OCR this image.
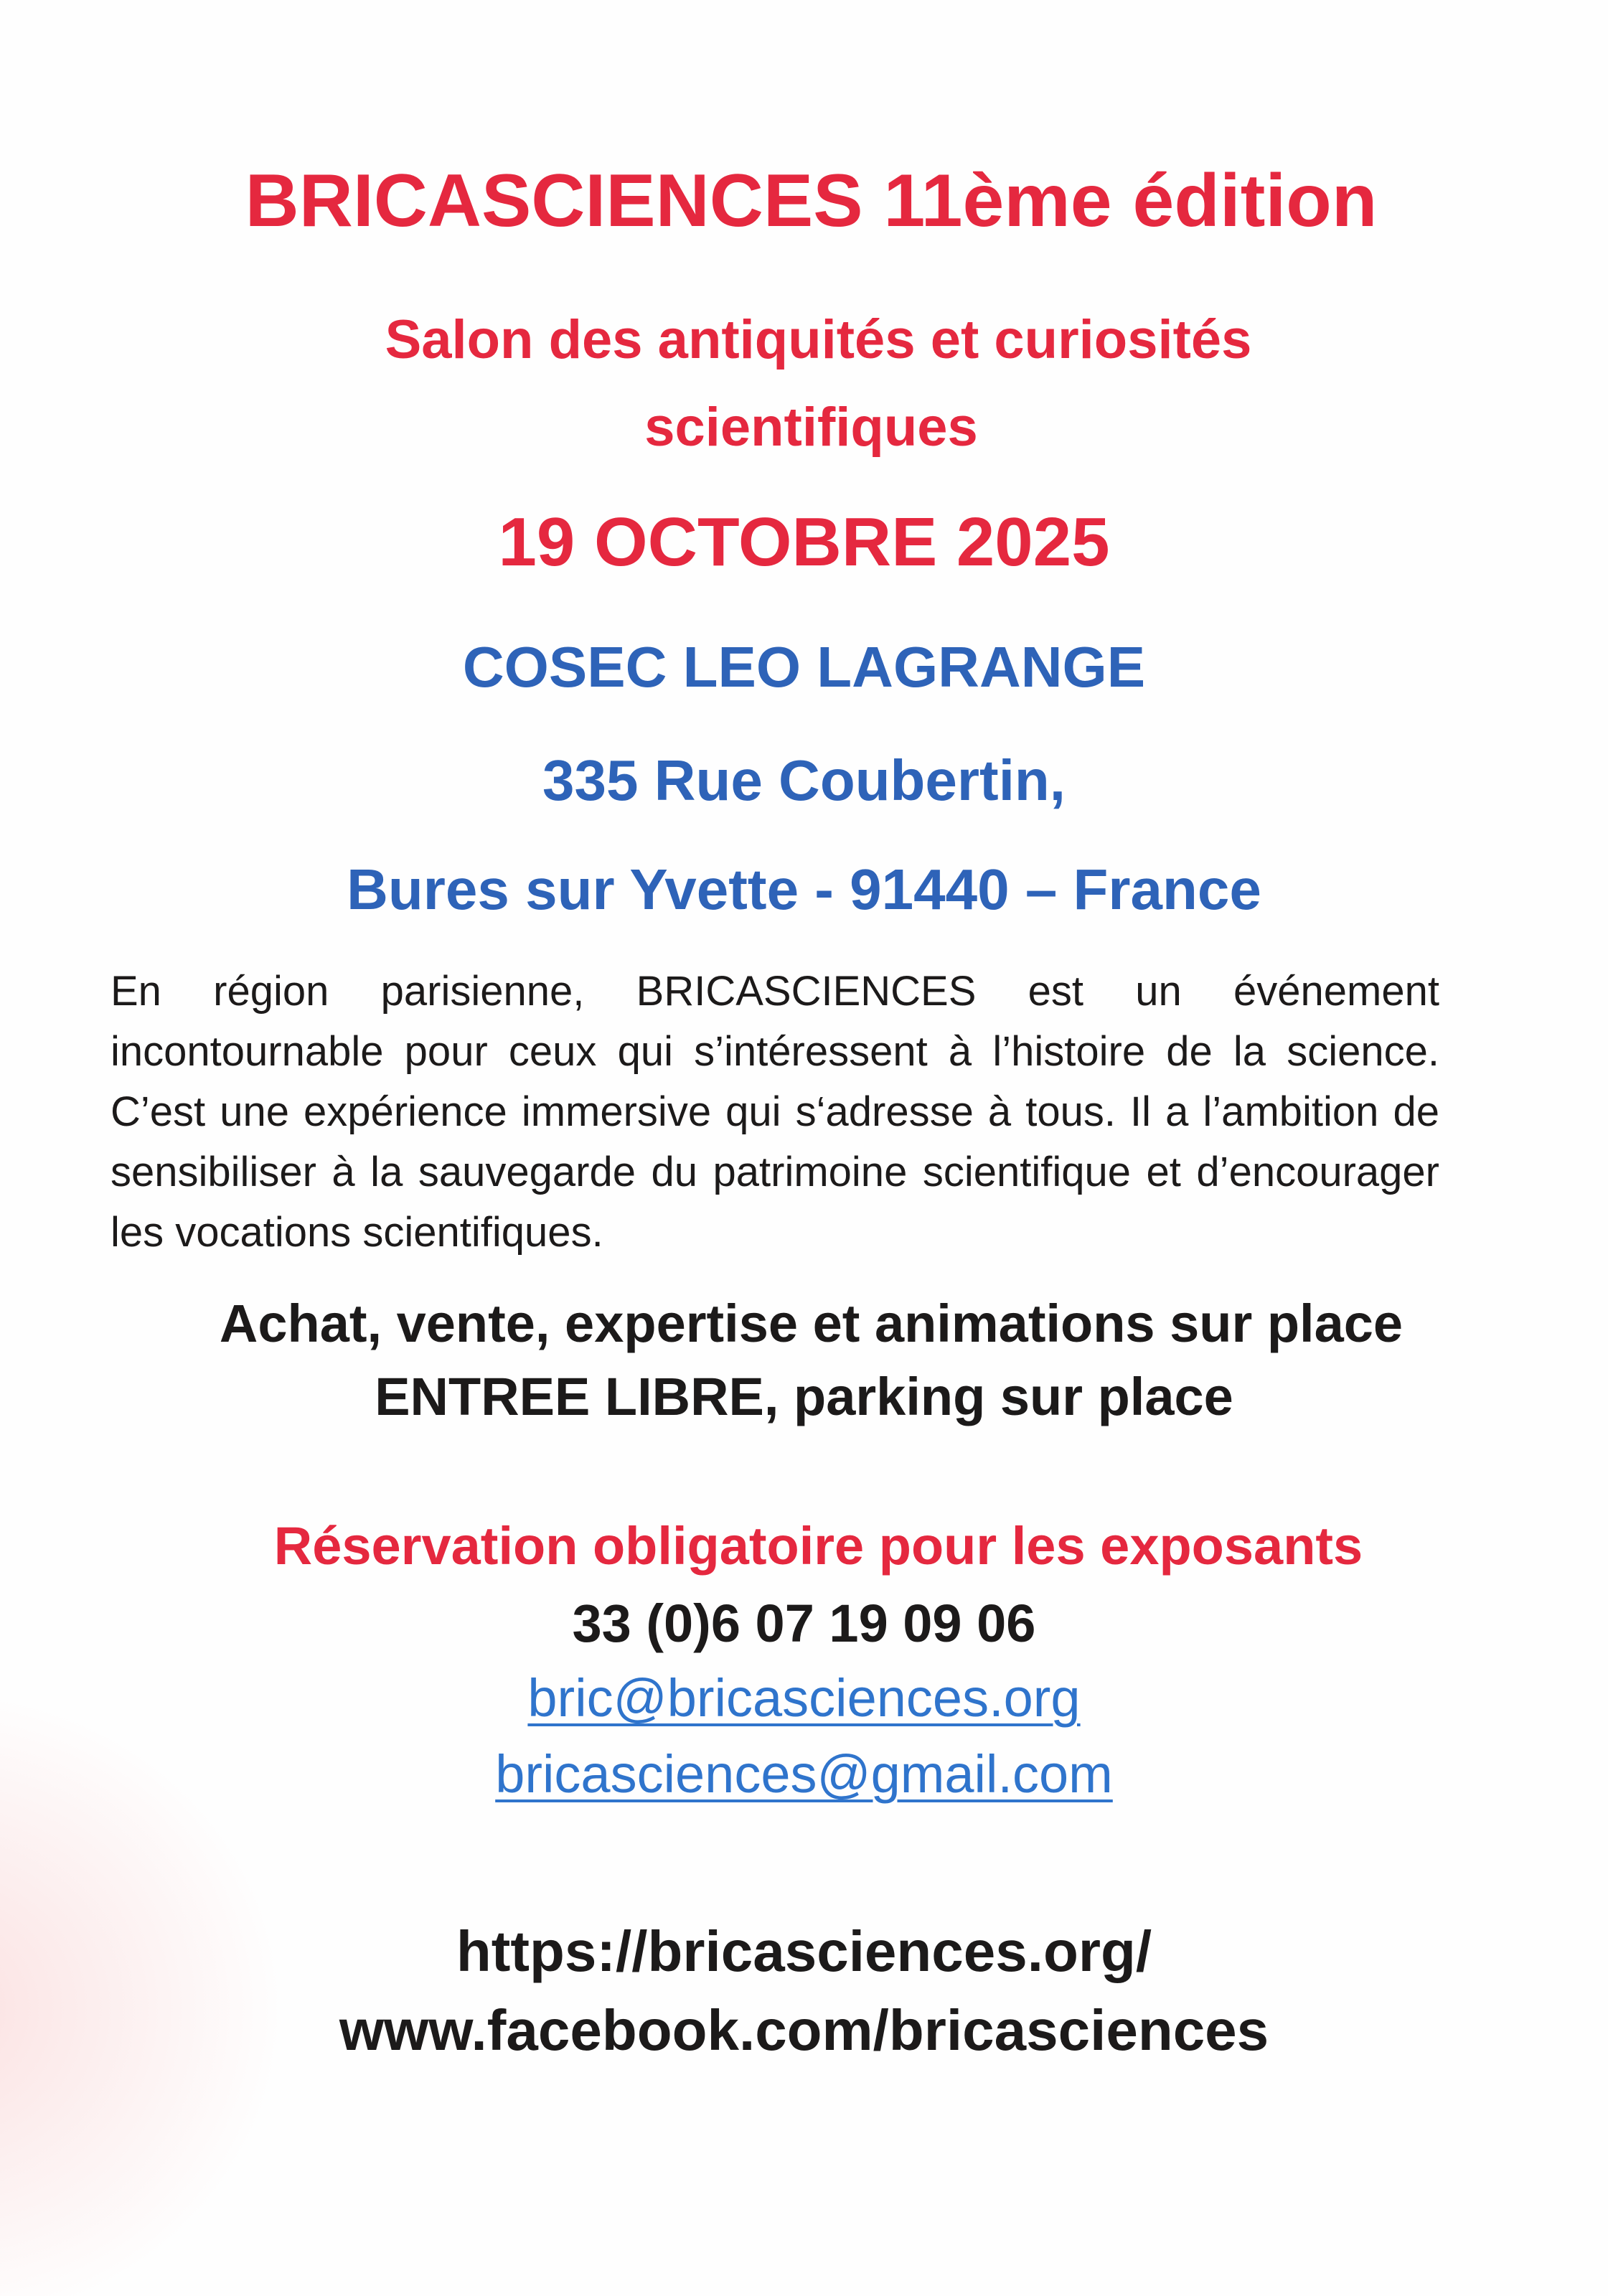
BRICASCIENCES 11ème édition
Salon des antiquités et curiosités
scientifiques
19 OCTOBRE 2025
COSEC LEO LAGRANGE
335 Rue Coubertin,
Bures sur Yvette - 91440 – France
En région parisienne, BRICASCIENCES est un événement incontournable pour ceux qui s’intéressent à l’histoire de la science. C’est une expérience immersive qui s‘adresse à tous. Il a l’ambition de sensibiliser à la sauvegarde du patrimoine scientifique et d’encourager les vocations scientifiques.
Achat, vente, expertise et animations sur place
ENTREE LIBRE, parking sur place
Réservation obligatoire pour les exposants
33 (0)6 07 19 09 06
bric@bricasciences.org
bricasciences@gmail.com
https://bricasciences.org/
www.facebook.com/bricasciences
